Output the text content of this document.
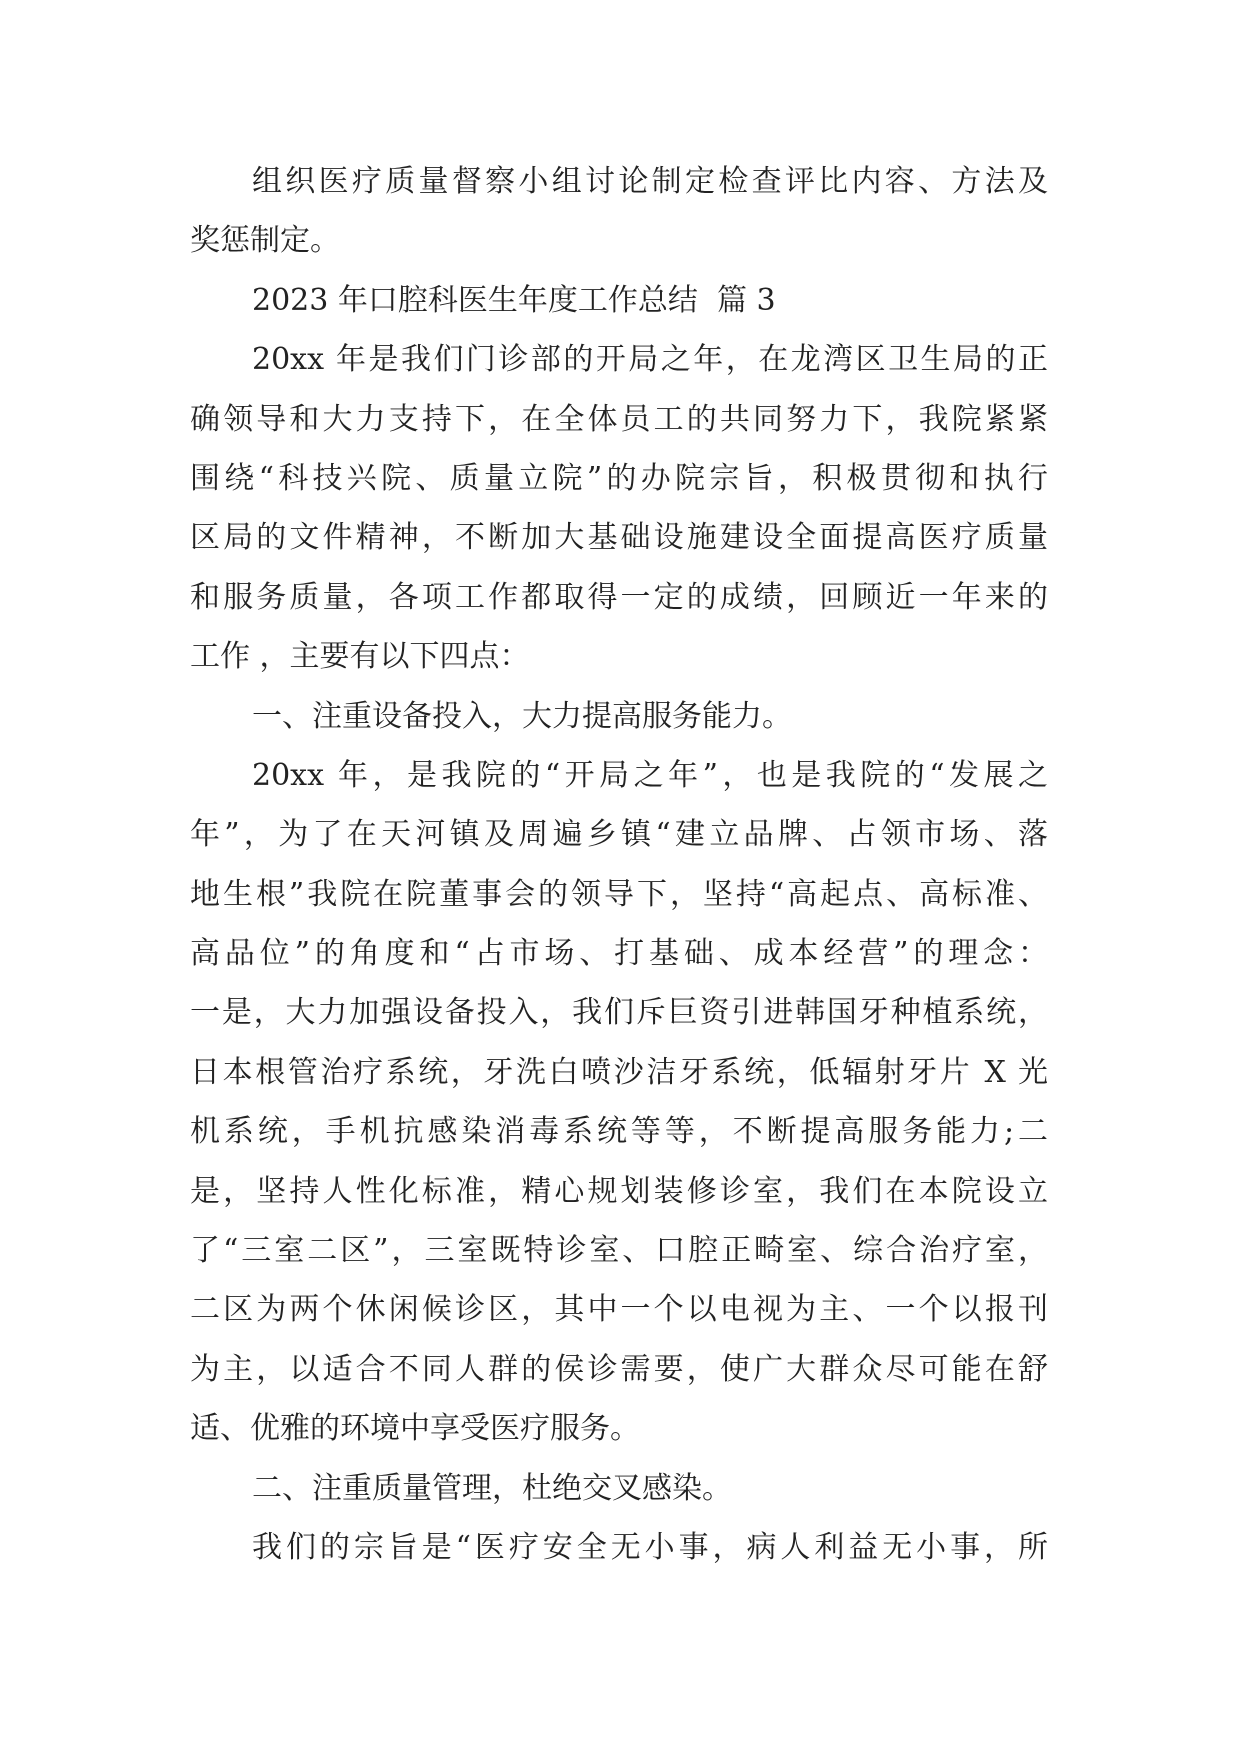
组织医疗质量督察小组讨论制定检查评比内容、方法及
奖惩制定。
2023 年口腔科医生年度工作总结  篇 3
20xx 年是我们门诊部的开局之年，在龙湾区卫生局的正
确领导和大力支持下，在全体员工的共同努力下，我院紧紧
围绕“科技兴院、质量立院”的办院宗旨，积极贯彻和执行
区局的文件精神，不断加大基础设施建设全面提高医疗质量
和服务质量，各项工作都取得一定的成绩，回顾近一年来的
工作 ，主要有以下四点：
一、注重设备投入，大力提高服务能力。
20xx 年，是我院的“开局之年”，也是我院的“发展之
年”，为了在天河镇及周遍乡镇“建立品牌、占领市场、落
地生根”我院在院董事会的领导下，坚持“高起点、高标准、
高品位”的角度和“占市场、打基础、成本经营”的理念：
一是，大力加强设备投入，我们斥巨资引进韩国牙种植系统，
日本根管治疗系统，牙洗白喷沙洁牙系统，低辐射牙片 X 光
机系统，手机抗感染消毒系统等等，不断提高服务能力;二
是，坚持人性化标准，精心规划装修诊室，我们在本院设立
了“三室二区”，三室既特诊室、口腔正畸室、综合治疗室，
二区为两个休闲候诊区，其中一个以电视为主、一个以报刊
为主，以适合不同人群的侯诊需要，使广大群众尽可能在舒
适、优雅的环境中享受医疗服务。
二、注重质量管理，杜绝交叉感染。
我们的宗旨是“医疗安全无小事，病人利益无小事，所
